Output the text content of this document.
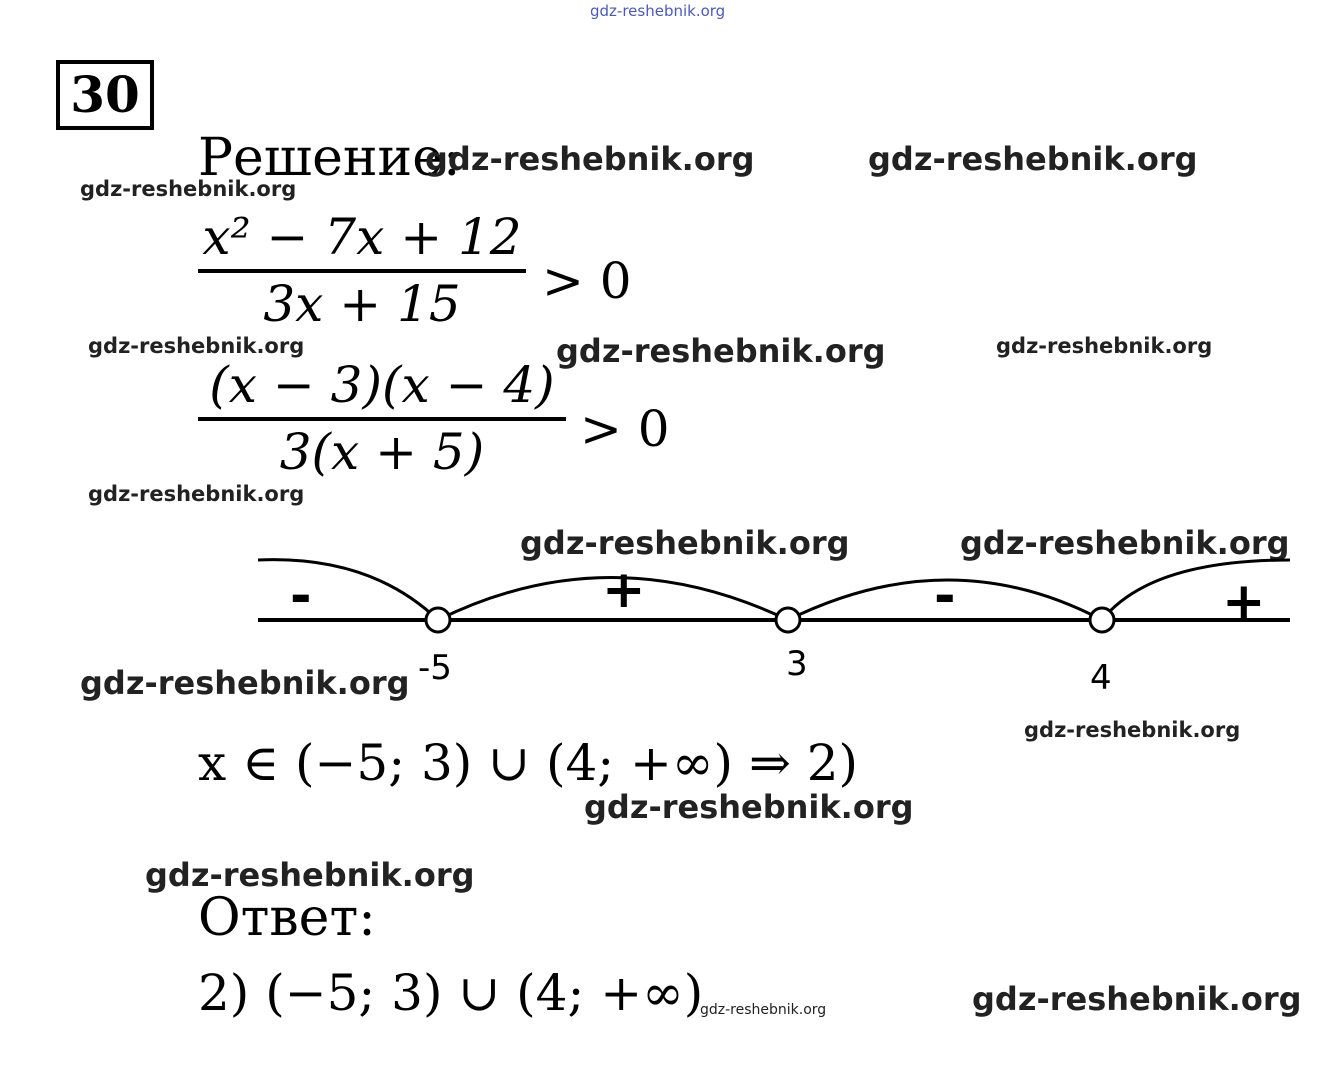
gdz-reshebnik.org
30
Решение:
gdz-reshebnik.org	gdz-reshebnik.org
gdz-reshebnik.org
gdz-reshebnik.org	gdz-reshebnik.org	gdz-reshebnik.org
gdz-reshebnik.org
gdz-reshebnik.org	gdz-reshebnik.org
gdz-reshebnik.org
gdz-reshebnik.org
gdz-reshebnik.org
gdz-reshebnik.org
gdz-reshebnik.org
gdz-reshebnik.org
x² − 7x + 12
3x + 15	> 0
(x − 3)(x − 4)
3(x + 5)	> 0
-	+	-	+
-5	3	4
x ∈ (−5; 3) ∪ (4; +∞) ⇒ 2)
Ответ:
2) (−5; 3) ∪ (4; +∞)
